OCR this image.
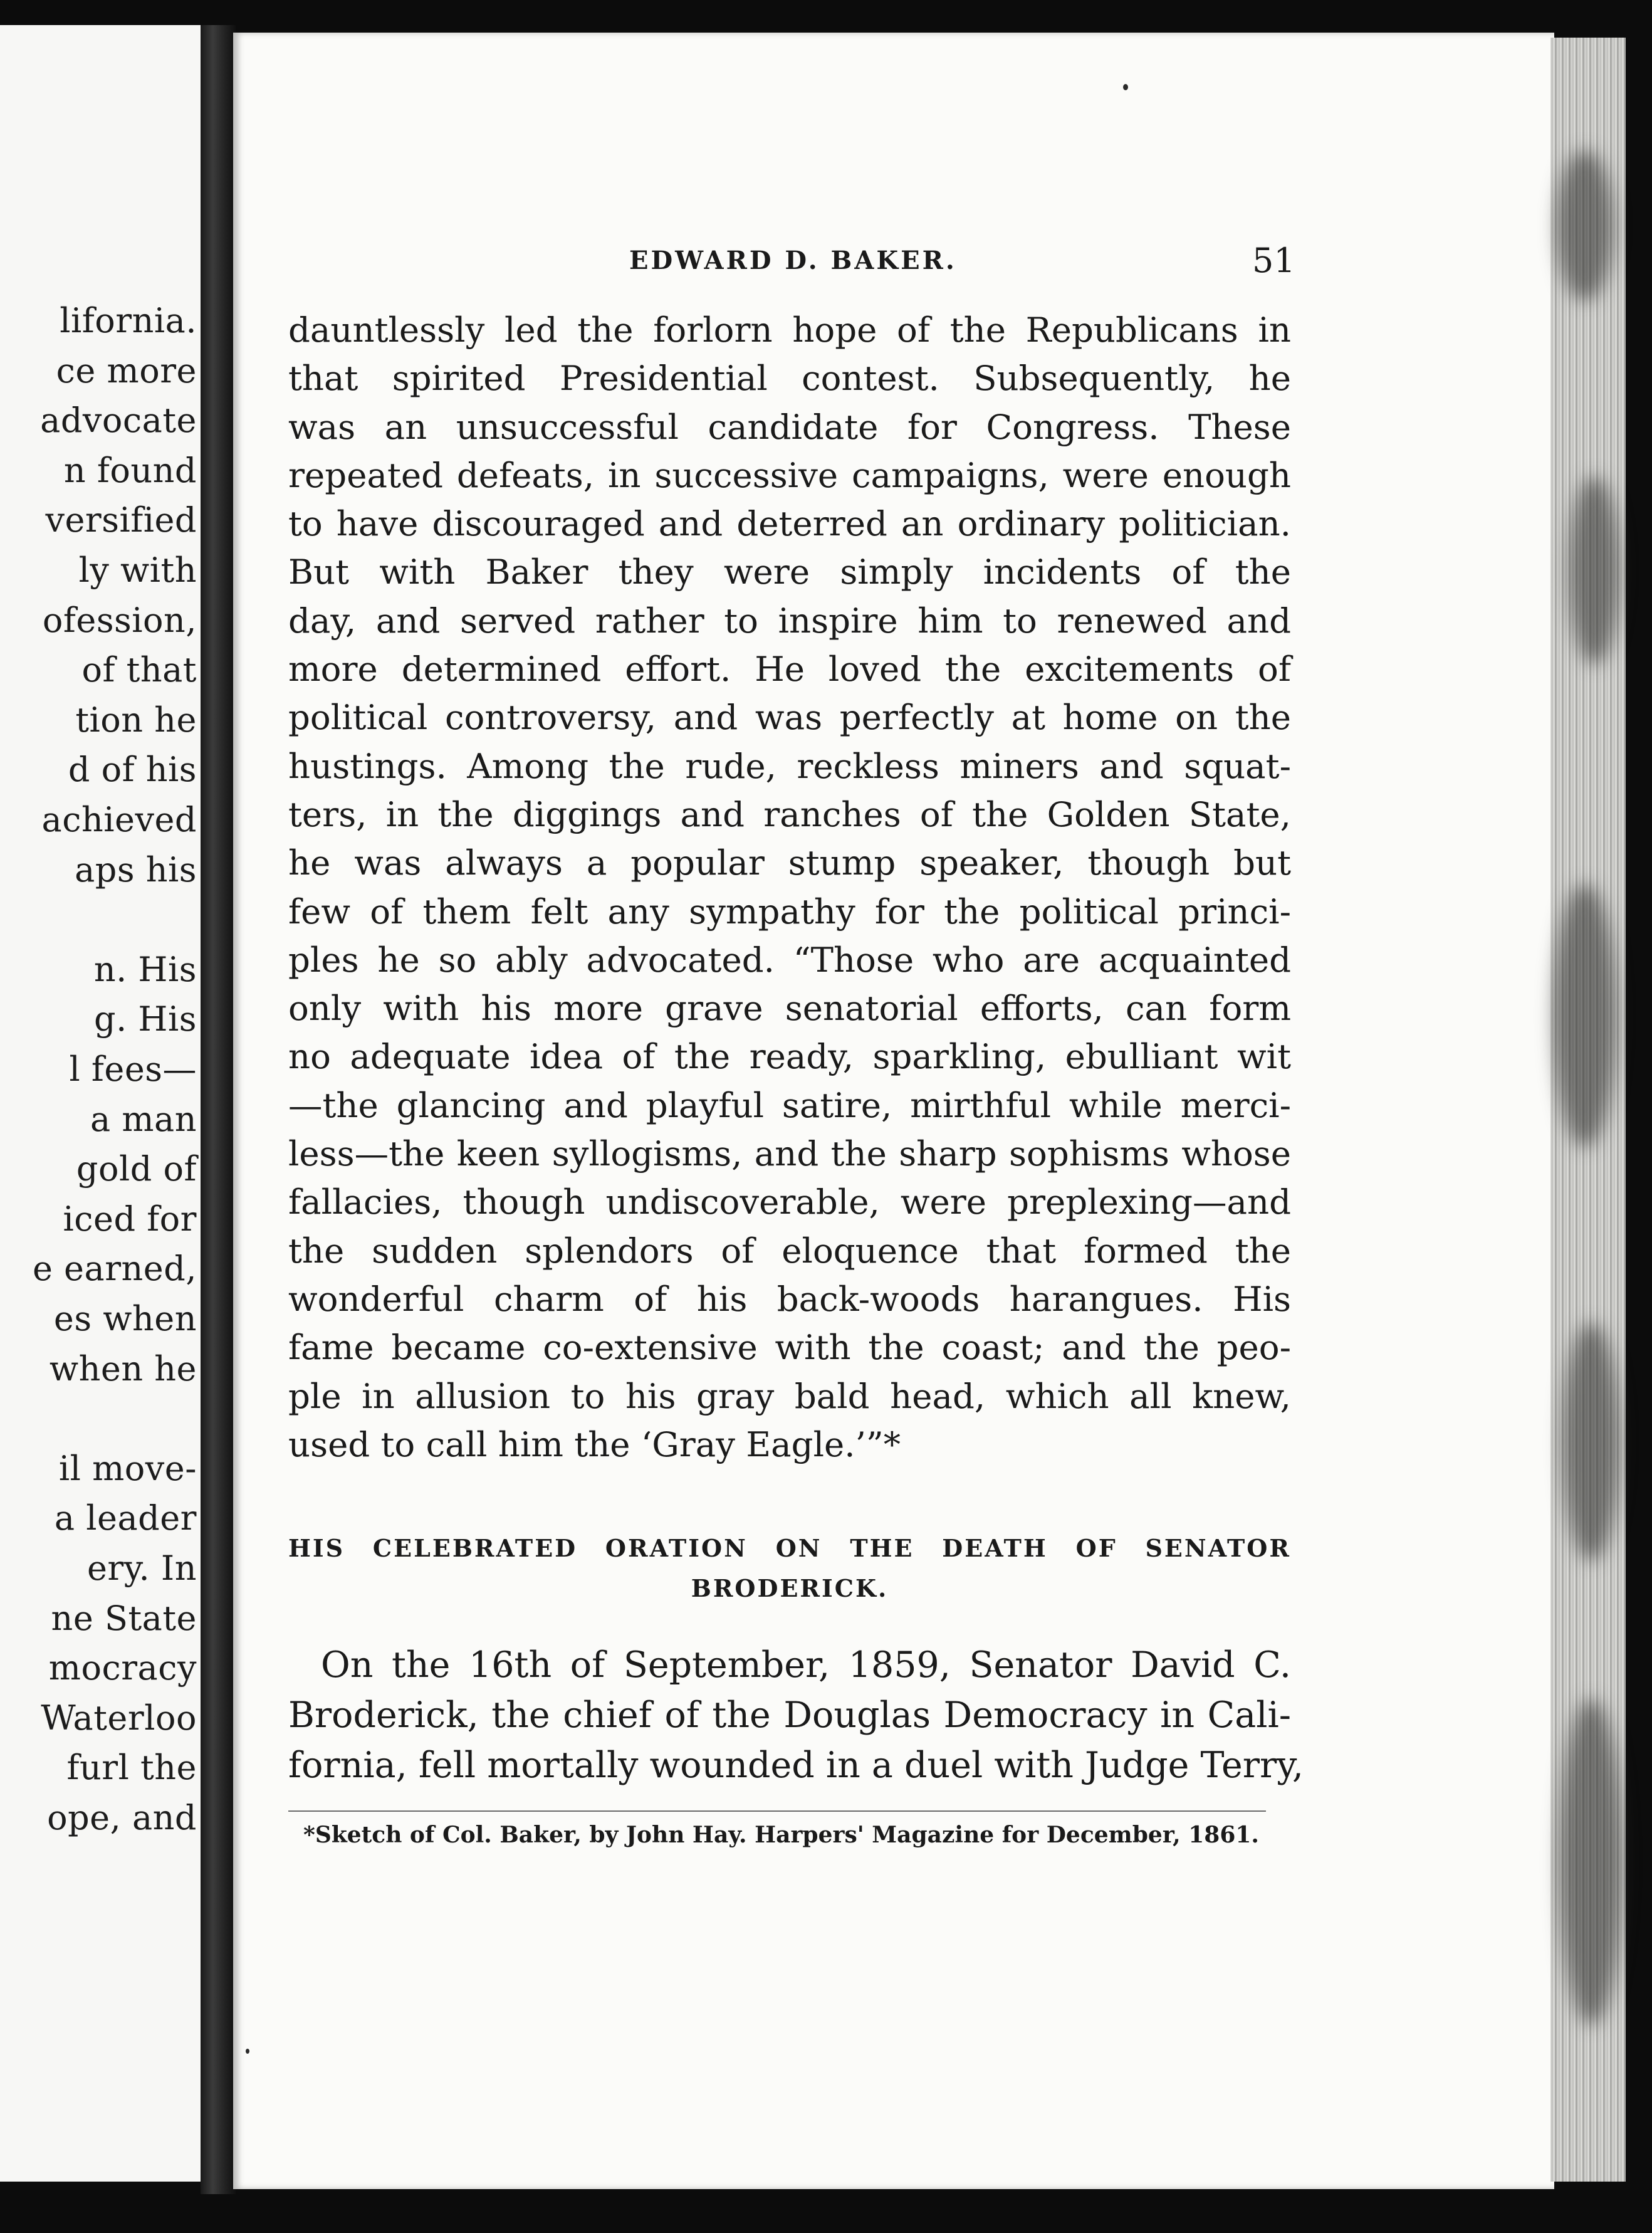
lifornia.
ce more
advocate
n found
versified
ly with
ofession,
of that
tion he
d of his
achieved
aps his
n. His
g. His
l fees—
a man
gold of
iced for
e earned,
es when
when he
il move-
a leader
ery. In
ne State
mocracy
Waterloo
furl the
ope, and
EDWARD D. BAKER.	51
dauntlessly led the forlorn hope of the Republicans in
that spirited Presidential contest. Subsequently, he
was an unsuccessful candidate for Congress. These
repeated defeats, in successive campaigns, were enough
to have discouraged and deterred an ordinary politician.
But with Baker they were simply incidents of the
day, and served rather to inspire him to renewed and
more determined effort. He loved the excitements of
political controversy, and was perfectly at home on the
hustings. Among the rude, reckless miners and squat-
ters, in the diggings and ranches of the Golden State,
he was always a popular stump speaker, though but
few of them felt any sympathy for the political princi-
ples he so ably advocated. “Those who are acquainted
only with his more grave senatorial efforts, can form
no adequate idea of the ready, sparkling, ebulliant wit
—the glancing and playful satire, mirthful while merci-
less—the keen syllogisms, and the sharp sophisms whose
fallacies, though undiscoverable, were preplexing—and
the sudden splendors of eloquence that formed the
wonderful charm of his back-woods harangues. His
fame became co-extensive with the coast; and the peo-
ple in allusion to his gray bald head, which all knew,
used to call him the ‘Gray Eagle.’”*
HIS CELEBRATED ORATION ON THE DEATH OF SENATOR
BRODERICK.
On the 16th of September, 1859, Senator David C.
Broderick, the chief of the Douglas Democracy in Cali-
fornia, fell mortally wounded in a duel with Judge Terry,
*Sketch of Col. Baker, by John Hay. Harpers' Magazine for December, 1861.
